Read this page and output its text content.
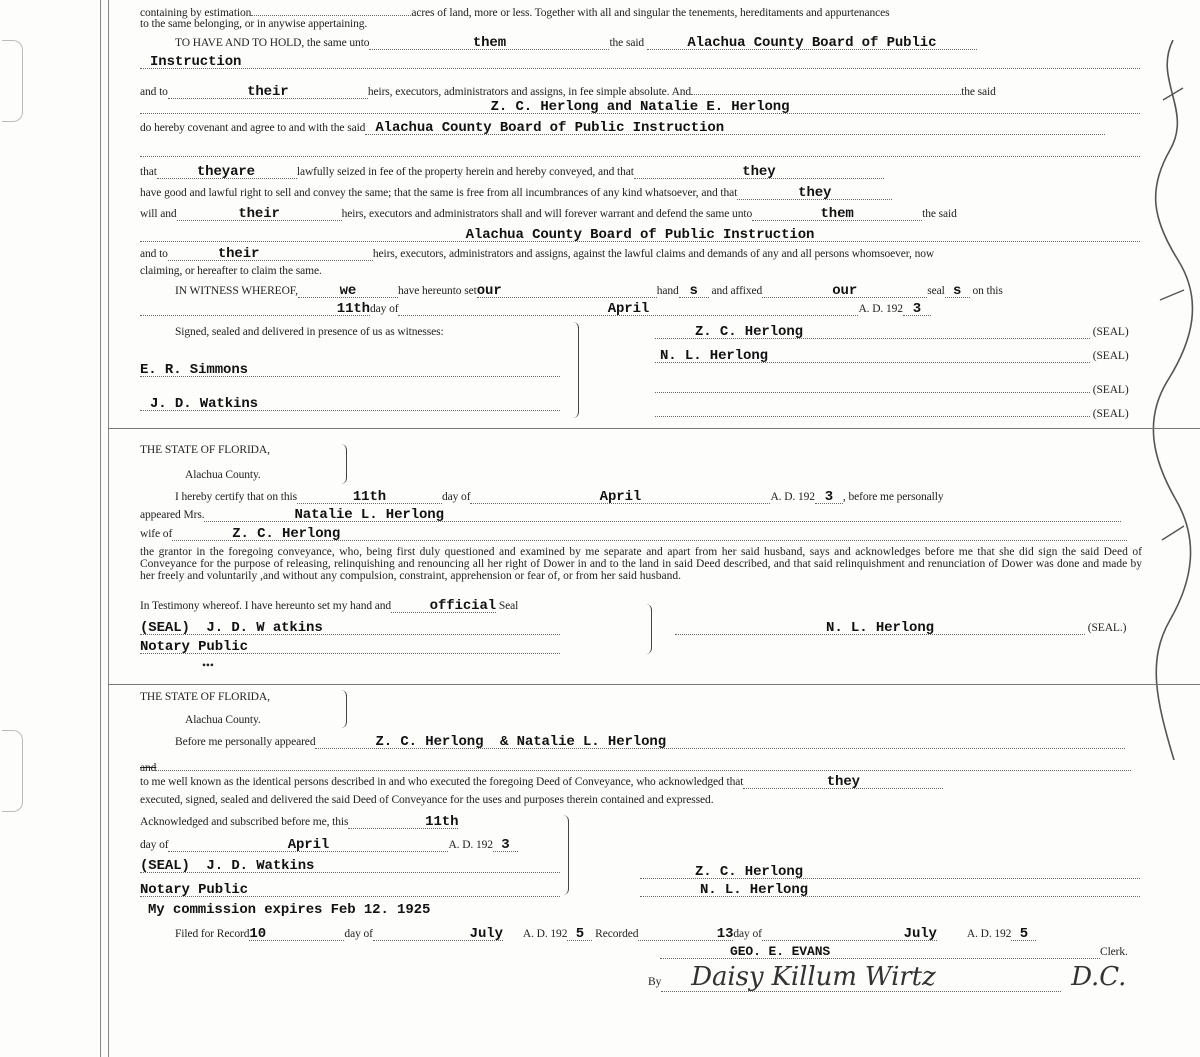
containing by estimation	acres of land, more or less. Together with all and singular the tenements, hereditaments and appurtenances
to the same belonging, or in anywise appertaining.
TO HAVE AND TO HOLD, the same unto	them	the said	Alachua County Board of Public
Instruction
and to	their	heirs, executors, administrators and assigns, in fee simple absolute. And	the said
Z. C. Herlong and Natalie E. Herlong
do hereby covenant and agree to and with the said Alachua County Board of Public Instruction
that	theyare	lawfully seized in fee of the property herein and hereby conveyed, and that	they
have good and lawful right to sell and convey the same; that the same is free from all incumbrances of any kind whatsoever, and that	they
will and	their	heirs, executors and administrators shall and will forever warrant and defend the same unto	them	the said
Alachua County Board of Public Instruction
and to	their	heirs, executors, administrators and assigns, against the lawful claims and demands of any and all persons whomsoever, now
claiming, or hereafter to claim the same.
IN WITNESS WHEREOF,	we	have hereunto setour	hand s and affixed	our	seal s on this
11thday of	April	A. D. 192 3
Signed, sealed and delivered in presence of us as witnesses:	Z. C. Herlong	(SEAL)
N. L. Herlong	(SEAL)
E. R. Simmons
(SEAL)
J. D. Watkins
(SEAL)
THE STATE OF FLORIDA,
Alachua County.
I hereby certify that on this	11th	day of	April	A. D. 192 3 , before me personally
appeared Mrs.	Natalie L. Herlong
wife of	Z. C. Herlong
the grantor in the foregoing conveyance, who, being first duly questioned and examined by me separate and apart from her said husband, says and acknowledges before me that she did sign the said Deed of Conveyance for the purpose of releasing, relinquishing and renouncing all her right of Dower in and to the land in said Deed described, and that said relinquishment and renunciation of Dower was done and made by her freely and voluntarily ,and without any compulsion, constraint, apprehension or fear of, or from her said husband.
In Testimony whereof. I have hereunto set my hand and	official Seal
(SEAL)  J. D. W atkins	N. L. Herlong	(SEAL.)
Notary Public
•••
THE STATE OF FLORIDA,
Alachua County.
Before me personally appeared	Z. C. Herlong  & Natalie L. Herlong
and
to me well known as the identical persons described in and who executed the foregoing Deed of Conveyance, who acknowledged that	they
executed, signed, sealed and delivered the said Deed of Conveyance for the uses and purposes therein contained and expressed.
Acknowledged and subscribed before me, this	11th
day of	April	A. D. 192 3
(SEAL)  J. D. Watkins	Z. C. Herlong
Notary Public	N. L. Herlong
My commission expires Feb 12. 1925
Filed for Record10	day of	July A. D. 192 5 Recorded	13day of	July	A. D. 192 5
GEO. E. EVANS	Clerk.
By Daisy Killum Wirtz	D.C.
